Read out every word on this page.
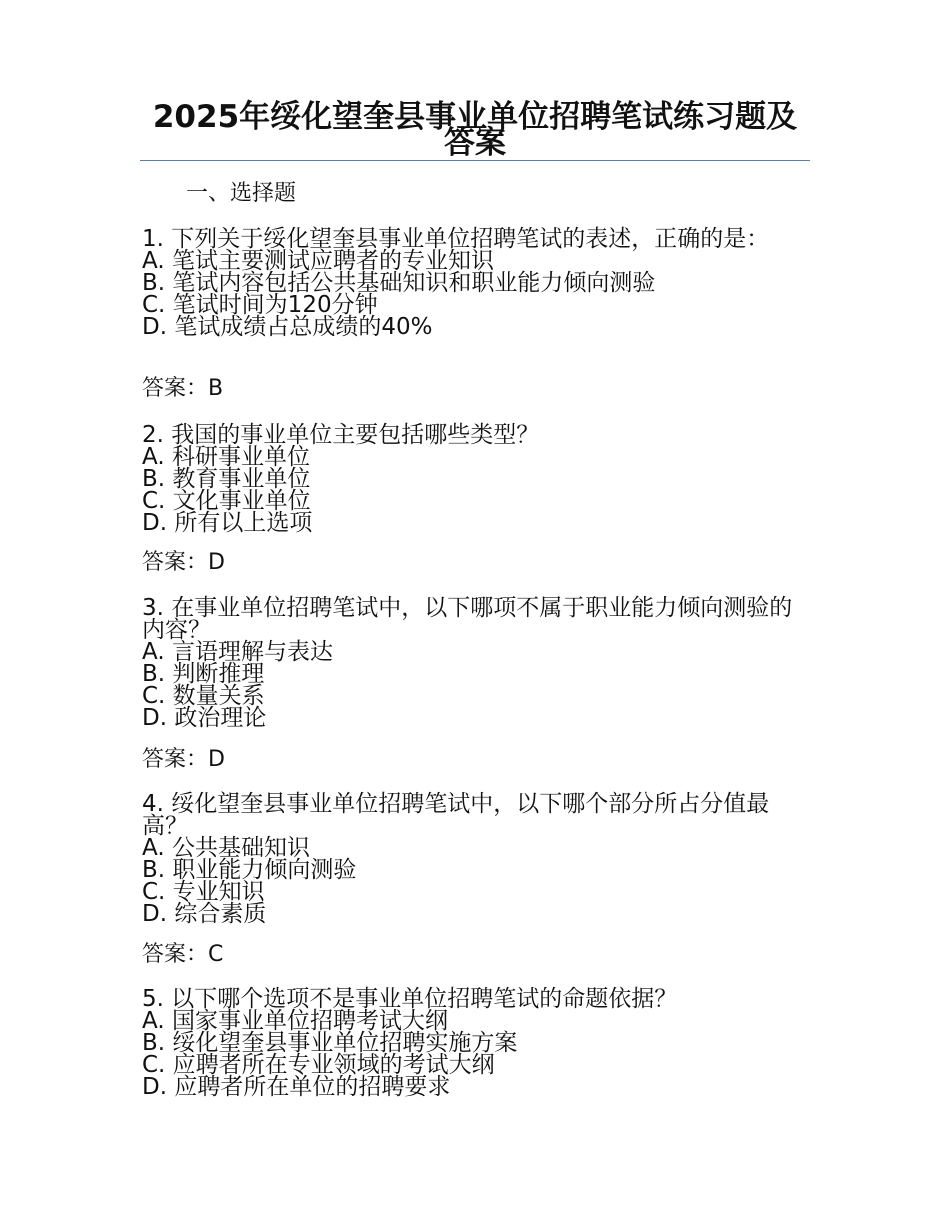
2025年绥化望奎县事业单位招聘笔试练习题及答案
一、选择题
1. 下列关于绥化望奎县事业单位招聘笔试的表述，正确的是：
A. 笔试主要测试应聘者的专业知识
B. 笔试内容包括公共基础知识和职业能力倾向测验
C. 笔试时间为120分钟
D. 笔试成绩占总成绩的40%
答案：B
2. 我国的事业单位主要包括哪些类型？
A. 科研事业单位
B. 教育事业单位
C. 文化事业单位
D. 所有以上选项
答案：D
3. 在事业单位招聘笔试中，以下哪项不属于职业能力倾向测验的内容？
A. 言语理解与表达
B. 判断推理
C. 数量关系
D. 政治理论
答案：D
4. 绥化望奎县事业单位招聘笔试中，以下哪个部分所占分值最高？
A. 公共基础知识
B. 职业能力倾向测验
C. 专业知识
D. 综合素质
答案：C
5. 以下哪个选项不是事业单位招聘笔试的命题依据？
A. 国家事业单位招聘考试大纲
B. 绥化望奎县事业单位招聘实施方案
C. 应聘者所在专业领域的考试大纲
D. 应聘者所在单位的招聘要求
